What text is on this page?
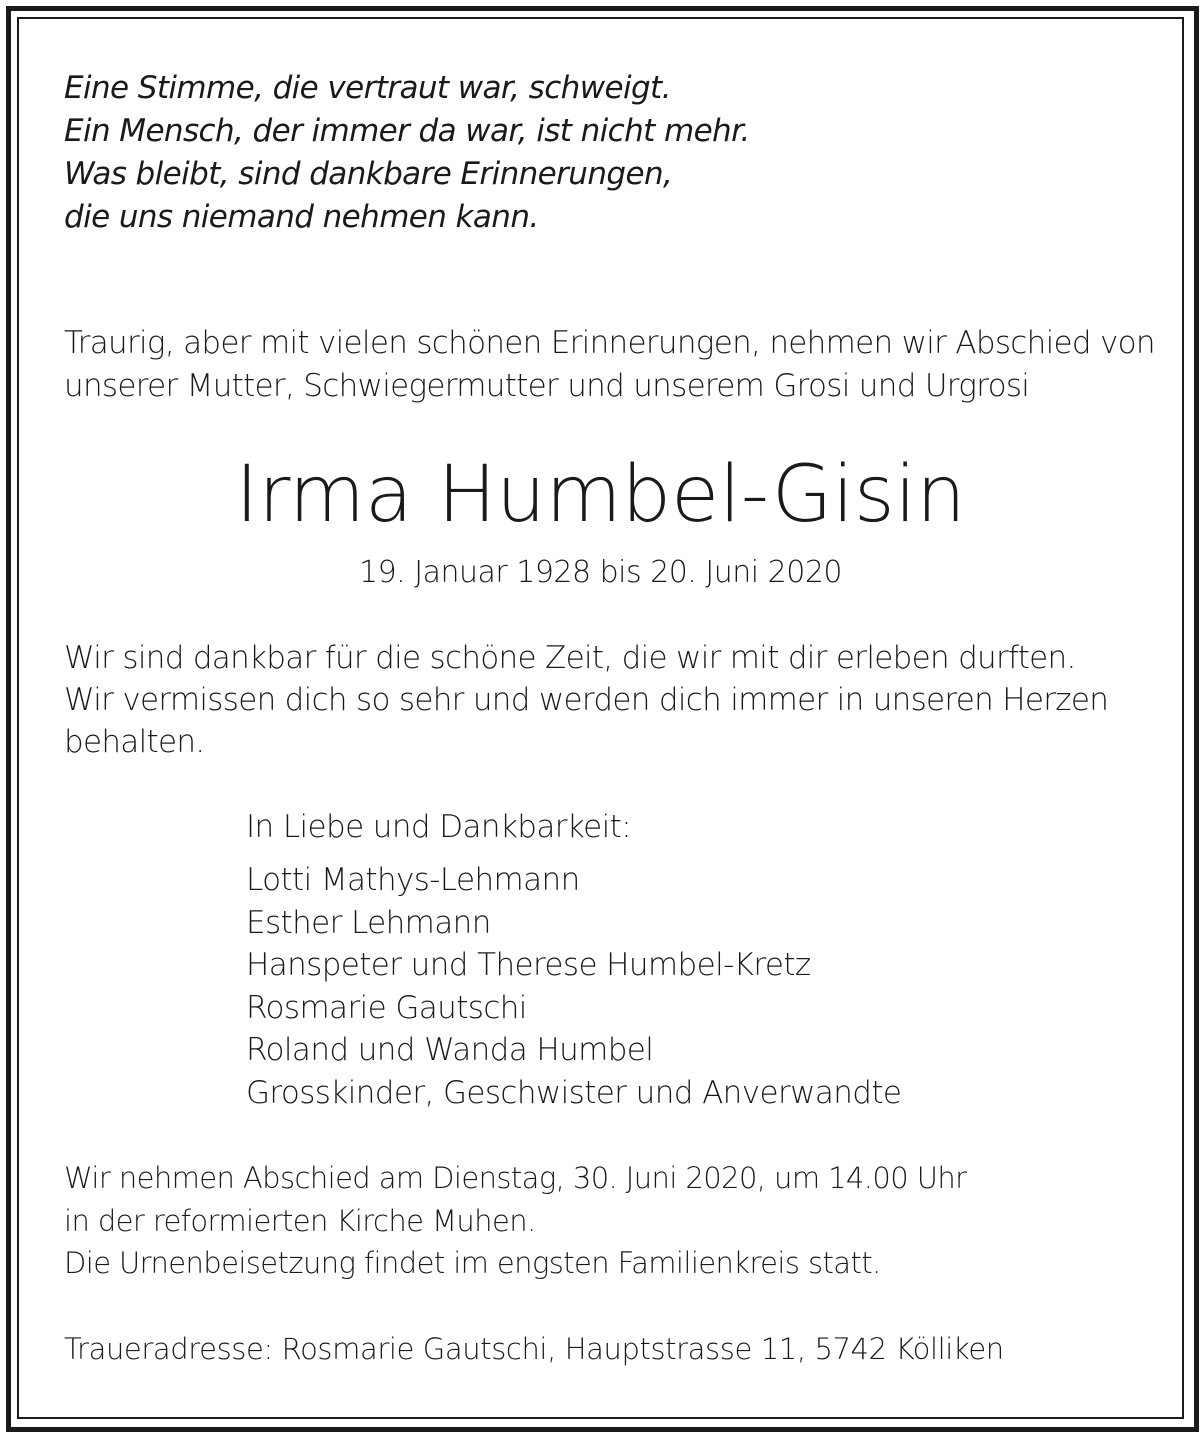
Eine Stimme, die vertraut war, schweigt.
Ein Mensch, der immer da war, ist nicht mehr.
Was bleibt, sind dankbare Erinnerungen,
die uns niemand nehmen kann.
Traurig, aber mit vielen schönen Erinnerungen, nehmen wir Abschied von
unserer Mutter, Schwiegermutter und unserem Grosi und Urgrosi
Wir sind dankbar für die schöne Zeit, die wir mit dir erleben durften.
Wir vermissen dich so sehr und werden dich immer in unseren Herzen
behalten.
In Liebe und Dankbarkeit:
Lotti Mathys-Lehmann
Esther Lehmann
Hanspeter und Therese Humbel-Kretz
Rosmarie Gautschi
Roland und Wanda Humbel
Grosskinder, Geschwister und Anverwandte
Wir nehmen Abschied am Dienstag, 30. Juni 2020, um 14.00 Uhr
in der reformierten Kirche Muhen.
Die Urnenbeisetzung findet im engsten Familienkreis statt.
Traueradresse: Rosmarie Gautschi, Hauptstrasse 11, 5742 Kölliken
Irma Humbel-Gisin
19. Januar 1928 bis 20. Juni 2020
